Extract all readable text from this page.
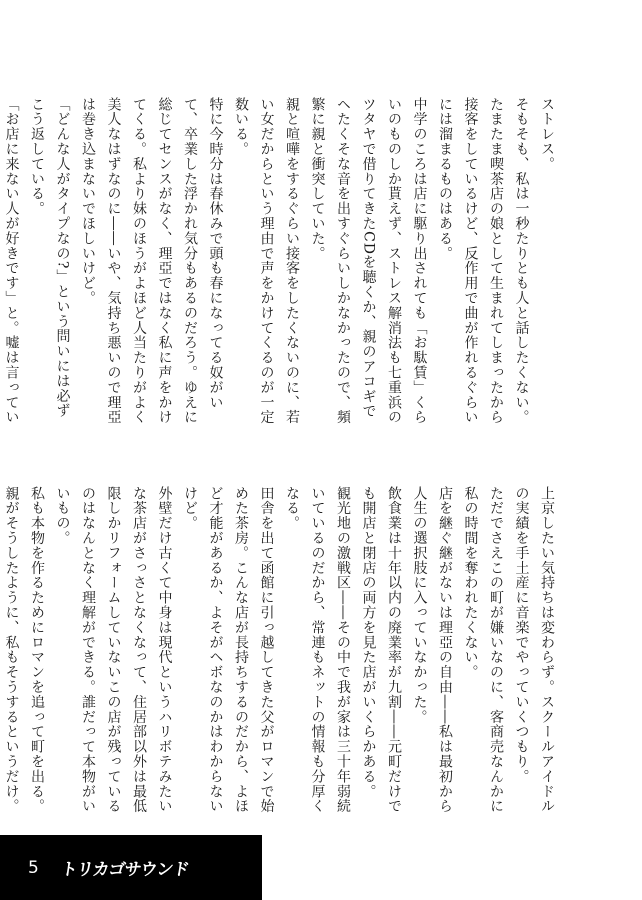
ストレス。

そもそも、私は一秒たりとも人と話したくない。たまたま喫茶店の娘として生まれてしまったから接客をしているけど、反作用で曲が作れるぐらいには溜まるものはある。

中学のころは店に駆り出されても「お駄賃」くらいのものしか貰えず、ストレス解消法も七重浜のツタヤで借りてきたCDを聴くか、親のアコギでヘたくそな音を出すぐらいしかなかったので、頻繁に親と衝突していた。

親と喧嘩をするぐらい接客をしたくないのに、若い女だからという理由で声をかけてくるのが一定数いる。

特に今時分は春休みで頭も春になってる奴がいて、卒業した浮かれ気分もあるのだろう。ゆえに総じてセンスがなく、理亞ではなく私に声をかけてくる。私より妹のほうがよほど人当たりがよく美人なはずなのに――いや、気持ち悪いので理亞は巻き込まないでほしいけど。

「どんな人がタイプなの?」という問いには必ずこう返している。

「お店に来ない人が好きです」と。嘘は言ってい

上京したい気持ちは変わらず。スクールアイドルの実績を手土産に音楽でやっていくつもり。

ただでさえこの町が嫌いなのに、客商売なんかに私の時間を奪われたくない。

店を継ぐ継がないは理亞の自由――私は最初から人生の選択肢に入っていなかった。

飲食業は十年以内の廃業率が九割――元町だけでも開店と閉店の両方を見た店がいくらかある。

観光地の激戦区――その中で我が家は三十年弱続いているのだから、常連もネットの情報も分厚くなる。

田舎を出て函館に引っ越してきた父がロマンで始めた茶房。こんな店が長持ちするのだから、よほど才能があるか、よそがヘボなのかはわからないけど。

外壁だけ古くて中身は現代というハリボテみたいな茶店がさっさとなくなって、住居部以外は最低限しかリフォームしていないこの店が残っているのはなんとなく理解ができる。誰だって本物がいいもの。

私も本物を作るためにロマンを追って町を出る。

親がそうしたように、私もそうするというだけ。

5 トリカゴサウンド
